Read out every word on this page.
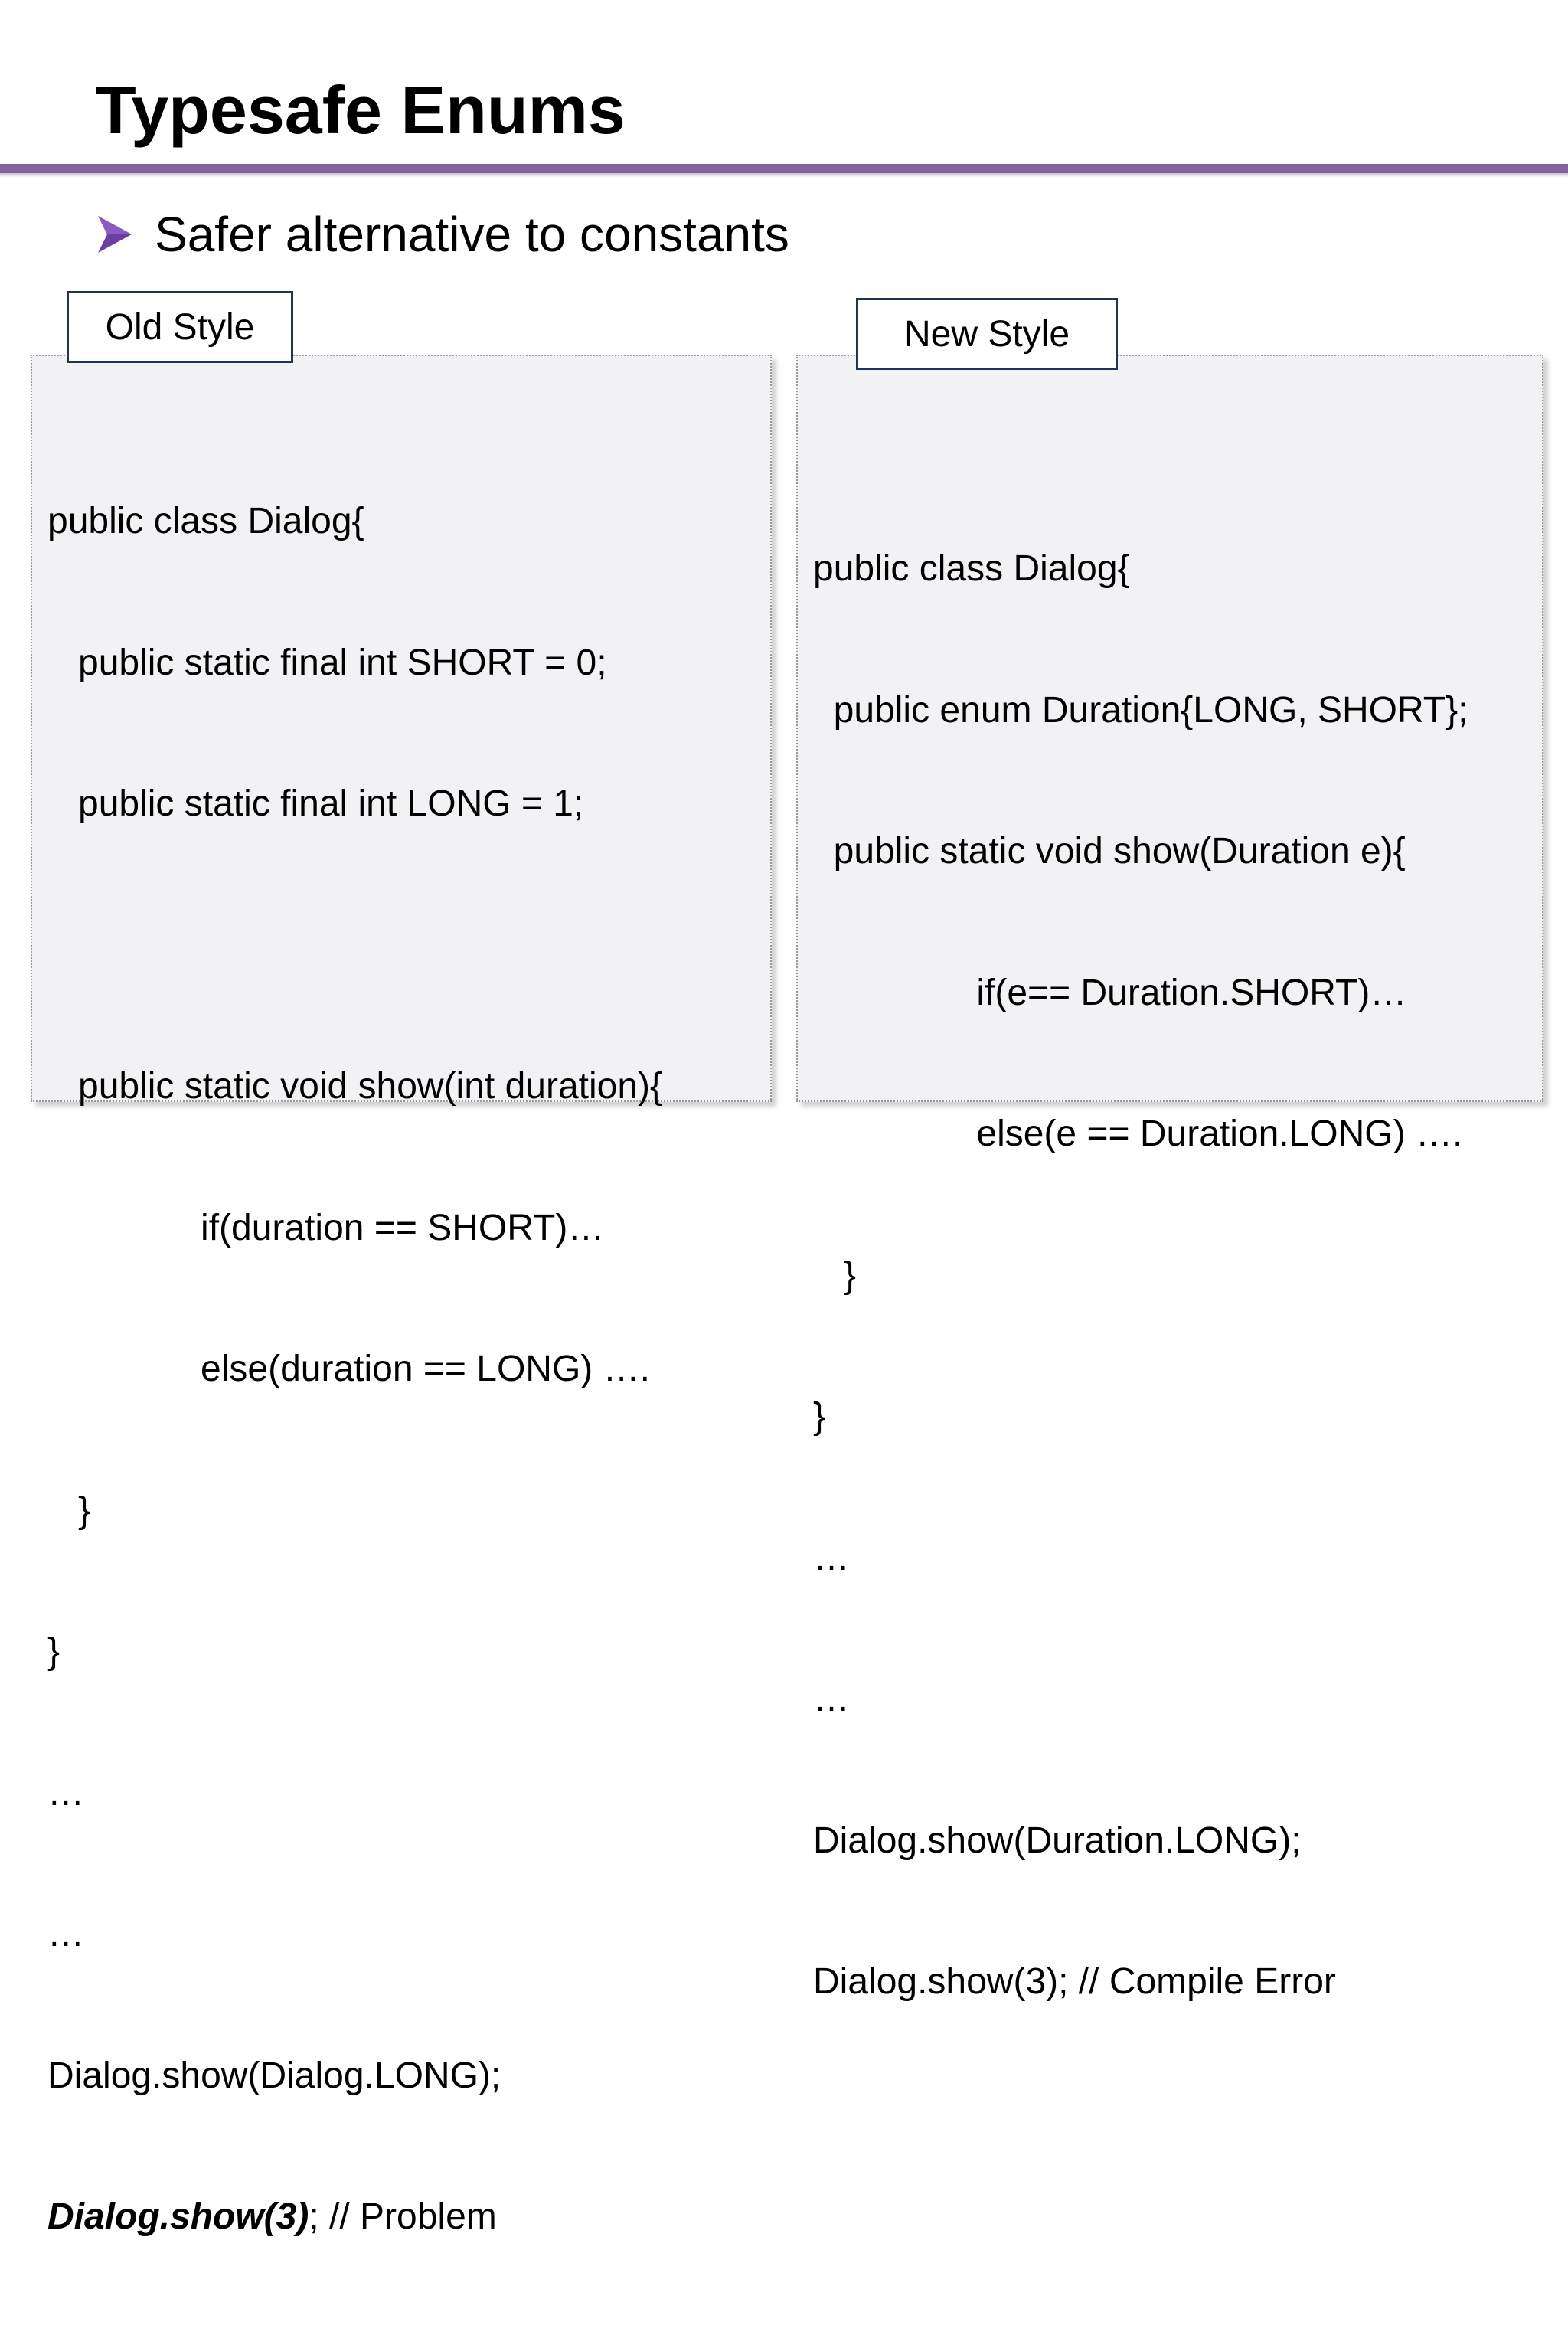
Typesafe Enums
Safer alternative to constants

public class Dialog{

public static final int SHORT = 0;

public static final int LONG = 1;

public static void show(int duration){

if(duration == SHORT)…

else(duration == LONG) ….

}

}

…

…

Dialog.show(Dialog.LONG);

Dialog.show(3); // Problem

public class Dialog{

public enum Duration{LONG, SHORT};

public static void show(Duration e){

if(e== Duration.SHORT)…

else(e == Duration.LONG) ….

}

}

…

…

Dialog.show(Duration.LONG);

Dialog.show(3); // Compile Error

Old Style	New Style
